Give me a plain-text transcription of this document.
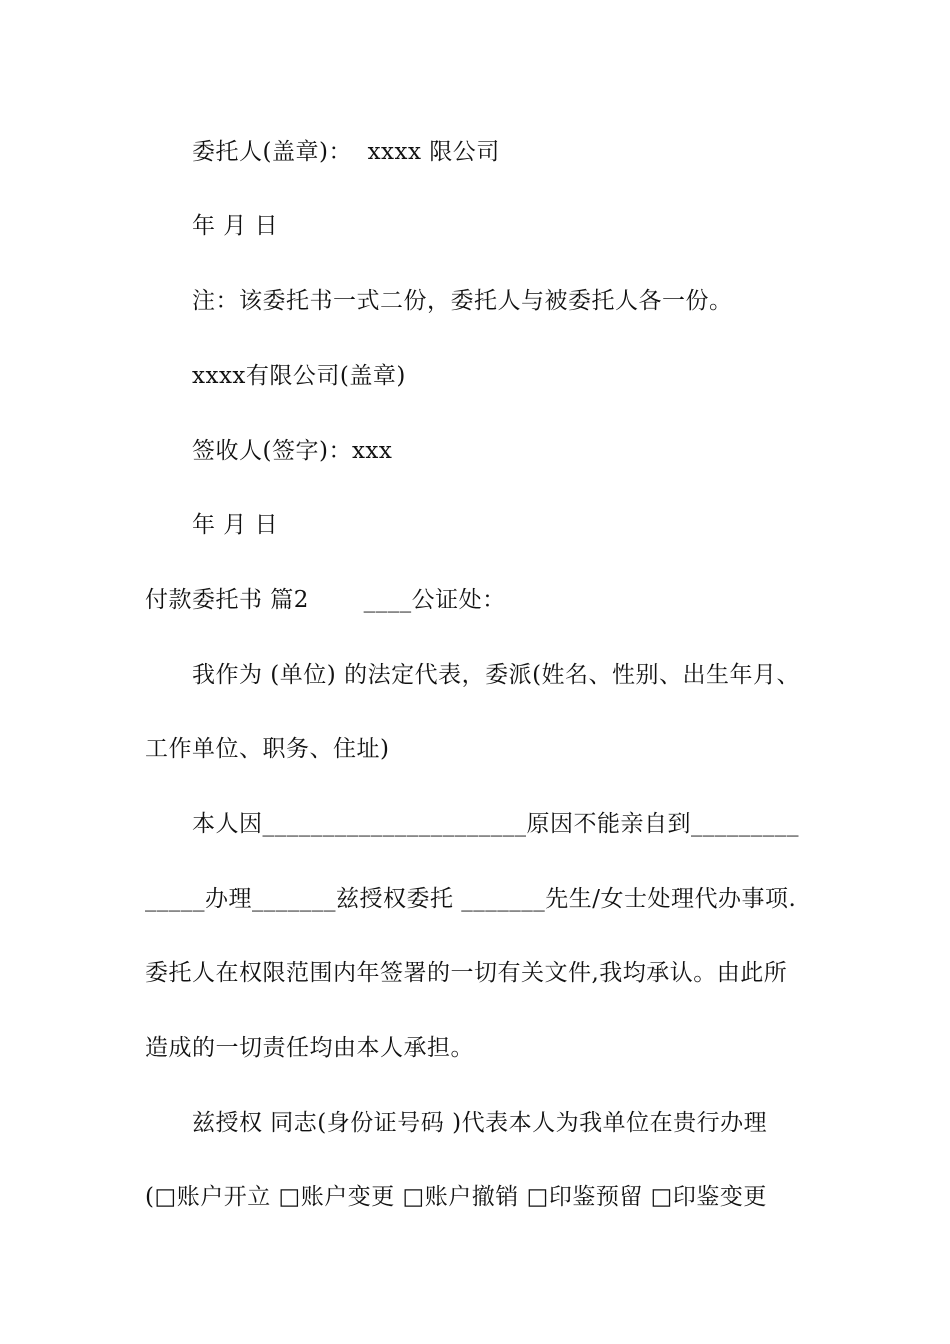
委托人(盖章)：  xxxx 限公司
年 月 日
注：该委托书一式二份，委托人与被委托人各一份。
xxxx有限公司(盖章)
签收人(签字)：xxx
年 月 日
付款委托书 篇2       ____公证处：
我作为 (单位) 的法定代表，委派(姓名、性别、出生年月、
工作单位、职务、住址)
本人因______________________原因不能亲自到_________
_____办理_______兹授权委托 _______先生/女士处理代办事项.
委托人在权限范围内年签署的一切有关文件,我均承认。由此所
造成的一切责任均由本人承担。
兹授权 同志(身份证号码 )代表本人为我单位在贵行办理
(□账户开立 □账户变更 □账户撤销 □印鉴预留 □印鉴变更
